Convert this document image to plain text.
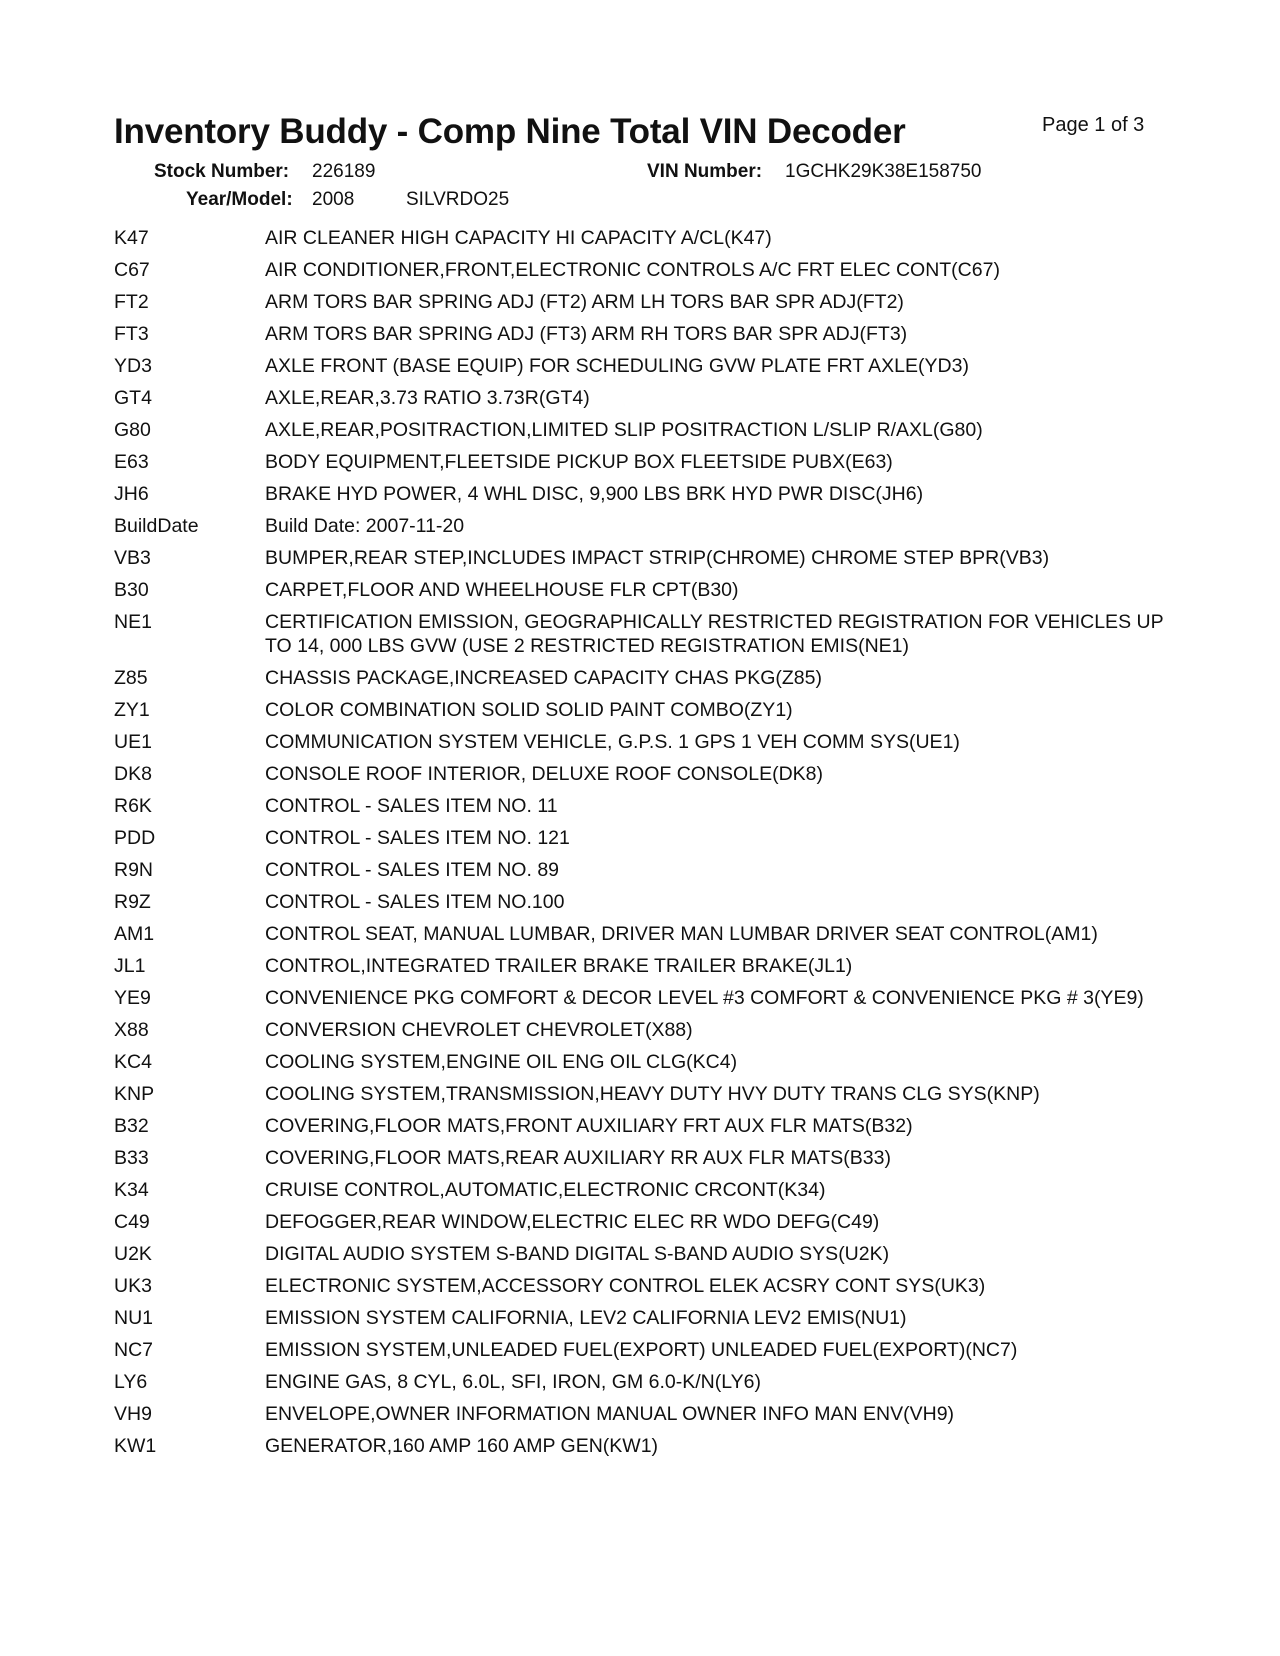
Inventory Buddy - Comp Nine Total VIN Decoder	Page 1 of 3
Stock Number: 226189	VIN Number: 1GCHK29K38E158750
Year/Model: 2008	SILVRDO25
K47	AIR CLEANER HIGH CAPACITY HI CAPACITY A/CL(K47)
C67	AIR CONDITIONER,FRONT,ELECTRONIC CONTROLS A/C FRT ELEC CONT(C67)
FT2	ARM TORS BAR SPRING ADJ (FT2) ARM LH TORS BAR SPR ADJ(FT2)
FT3	ARM TORS BAR SPRING ADJ (FT3) ARM RH TORS BAR SPR ADJ(FT3)
YD3	AXLE FRONT (BASE EQUIP) FOR SCHEDULING GVW PLATE FRT AXLE(YD3)
GT4	AXLE,REAR,3.73 RATIO 3.73R(GT4)
G80	AXLE,REAR,POSITRACTION,LIMITED SLIP POSITRACTION L/SLIP R/AXL(G80)
E63	BODY EQUIPMENT,FLEETSIDE PICKUP BOX FLEETSIDE PUBX(E63)
JH6	BRAKE HYD POWER, 4 WHL DISC, 9,900 LBS BRK HYD PWR DISC(JH6)
BuildDate	Build Date: 2007-11-20
VB3	BUMPER,REAR STEP,INCLUDES IMPACT STRIP(CHROME) CHROME STEP BPR(VB3)
B30	CARPET,FLOOR AND WHEELHOUSE FLR CPT(B30)
NE1	CERTIFICATION EMISSION, GEOGRAPHICALLY RESTRICTED REGISTRATION FOR VEHICLES UP TO 14, 000 LBS GVW (USE 2 RESTRICTED REGISTRATION EMIS(NE1)
Z85	CHASSIS PACKAGE,INCREASED CAPACITY CHAS PKG(Z85)
ZY1	COLOR COMBINATION SOLID SOLID PAINT COMBO(ZY1)
UE1	COMMUNICATION SYSTEM VEHICLE, G.P.S. 1 GPS 1 VEH COMM SYS(UE1)
DK8	CONSOLE ROOF INTERIOR, DELUXE ROOF CONSOLE(DK8)
R6K	CONTROL - SALES ITEM NO. 11
PDD	CONTROL - SALES ITEM NO. 121
R9N	CONTROL - SALES ITEM NO. 89
R9Z	CONTROL - SALES ITEM NO.100
AM1	CONTROL SEAT, MANUAL LUMBAR, DRIVER MAN LUMBAR DRIVER SEAT CONTROL(AM1)
JL1	CONTROL,INTEGRATED TRAILER BRAKE TRAILER BRAKE(JL1)
YE9	CONVENIENCE PKG COMFORT & DECOR LEVEL #3 COMFORT & CONVENIENCE PKG # 3(YE9)
X88	CONVERSION CHEVROLET CHEVROLET(X88)
KC4	COOLING SYSTEM,ENGINE OIL ENG OIL CLG(KC4)
KNP	COOLING SYSTEM,TRANSMISSION,HEAVY DUTY HVY DUTY TRANS CLG SYS(KNP)
B32	COVERING,FLOOR MATS,FRONT AUXILIARY FRT AUX FLR MATS(B32)
B33	COVERING,FLOOR MATS,REAR AUXILIARY RR AUX FLR MATS(B33)
K34	CRUISE CONTROL,AUTOMATIC,ELECTRONIC CRCONT(K34)
C49	DEFOGGER,REAR WINDOW,ELECTRIC ELEC RR WDO DEFG(C49)
U2K	DIGITAL AUDIO SYSTEM S-BAND DIGITAL S-BAND AUDIO SYS(U2K)
UK3	ELECTRONIC SYSTEM,ACCESSORY CONTROL ELEK ACSRY CONT SYS(UK3)
NU1	EMISSION SYSTEM CALIFORNIA, LEV2 CALIFORNIA LEV2 EMIS(NU1)
NC7	EMISSION SYSTEM,UNLEADED FUEL(EXPORT) UNLEADED FUEL(EXPORT)(NC7)
LY6	ENGINE GAS, 8 CYL, 6.0L, SFI, IRON, GM 6.0-K/N(LY6)
VH9	ENVELOPE,OWNER INFORMATION MANUAL OWNER INFO MAN ENV(VH9)
KW1	GENERATOR,160 AMP 160 AMP GEN(KW1)
